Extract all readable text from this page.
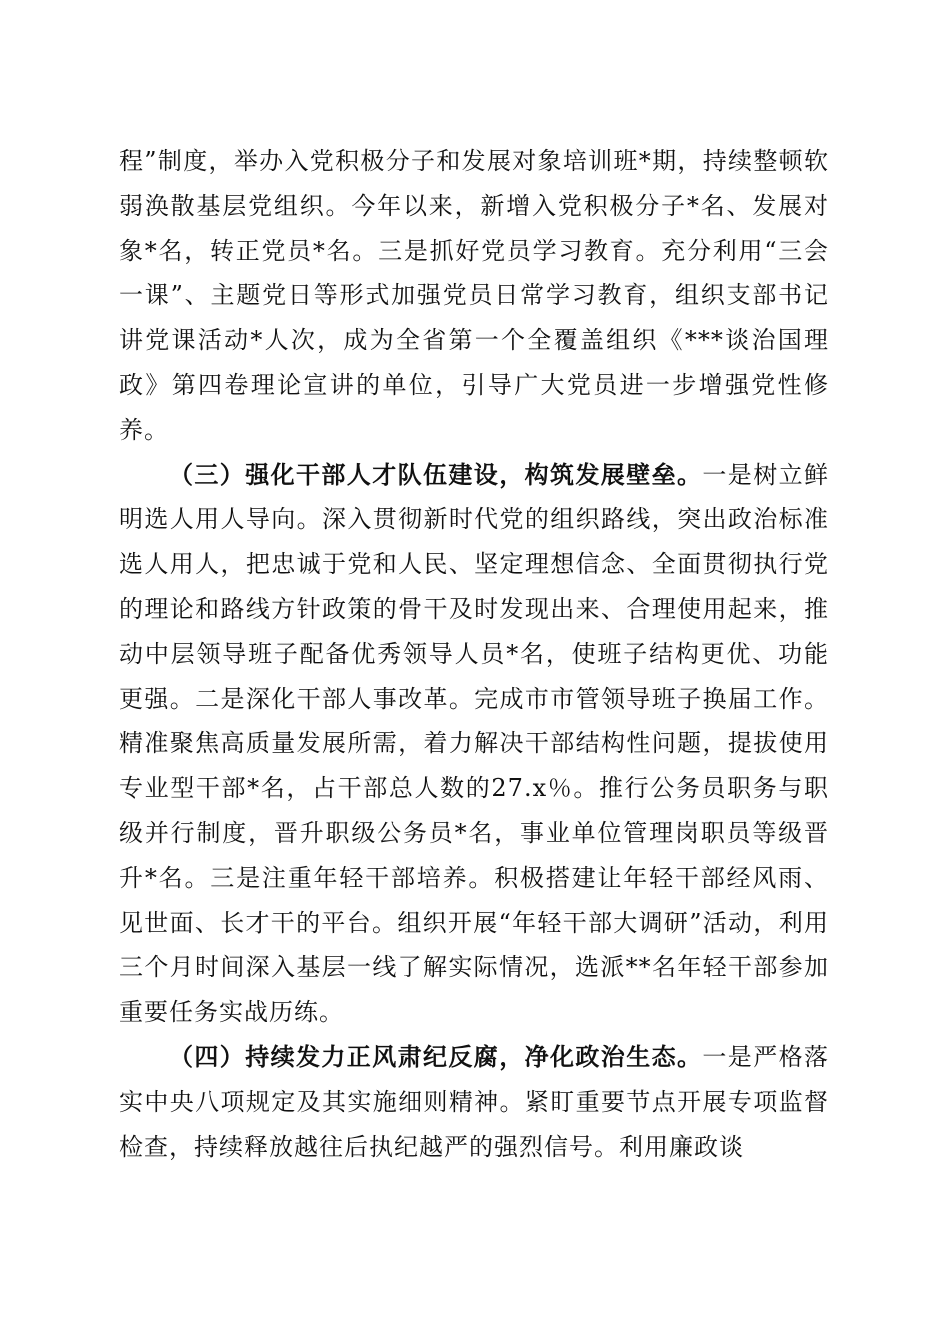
程”制度，举办入党积极分子和发展对象培训班*期，持续整顿软弱涣散基层党组织。今年以来，新增入党积极分子*名、发展对象*名，转正党员*名。三是抓好党员学习教育。充分利用“三会一课”、主题党日等形式加强党员日常学习教育，组织支部书记讲党课活动*人次，成为全省第一个全覆盖组织《***谈治国理政》第四卷理论宣讲的单位，引导广大党员进一步增强党性修养。

（三）强化干部人才队伍建设，构筑发展壁垒。一是树立鲜明选人用人导向。深入贯彻新时代党的组织路线，突出政治标准选人用人，把忠诚于党和人民、坚定理想信念、全面贯彻执行党的理论和路线方针政策的骨干及时发现出来、合理使用起来，推动中层领导班子配备优秀领导人员*名，使班子结构更优、功能更强。二是深化干部人事改革。完成市市管领导班子换届工作。精准聚焦高质量发展所需，着力解决干部结构性问题，提拔使用专业型干部*名，占干部总人数的27.x％。推行公务员职务与职级并行制度，晋升职级公务员*名，事业单位管理岗职员等级晋升*名。三是注重年轻干部培养。积极搭建让年轻干部经风雨、见世面、长才干的平台。组织开展“年轻干部大调研”活动，利用三个月时间深入基层一线了解实际情况，选派**名年轻干部参加重要任务实战历练。

（四）持续发力正风肃纪反腐，净化政治生态。一是严格落实中央八项规定及其实施细则精神。紧盯重要节点开展专项监督检查，持续释放越往后执纪越严的强烈信号。利用廉政谈
